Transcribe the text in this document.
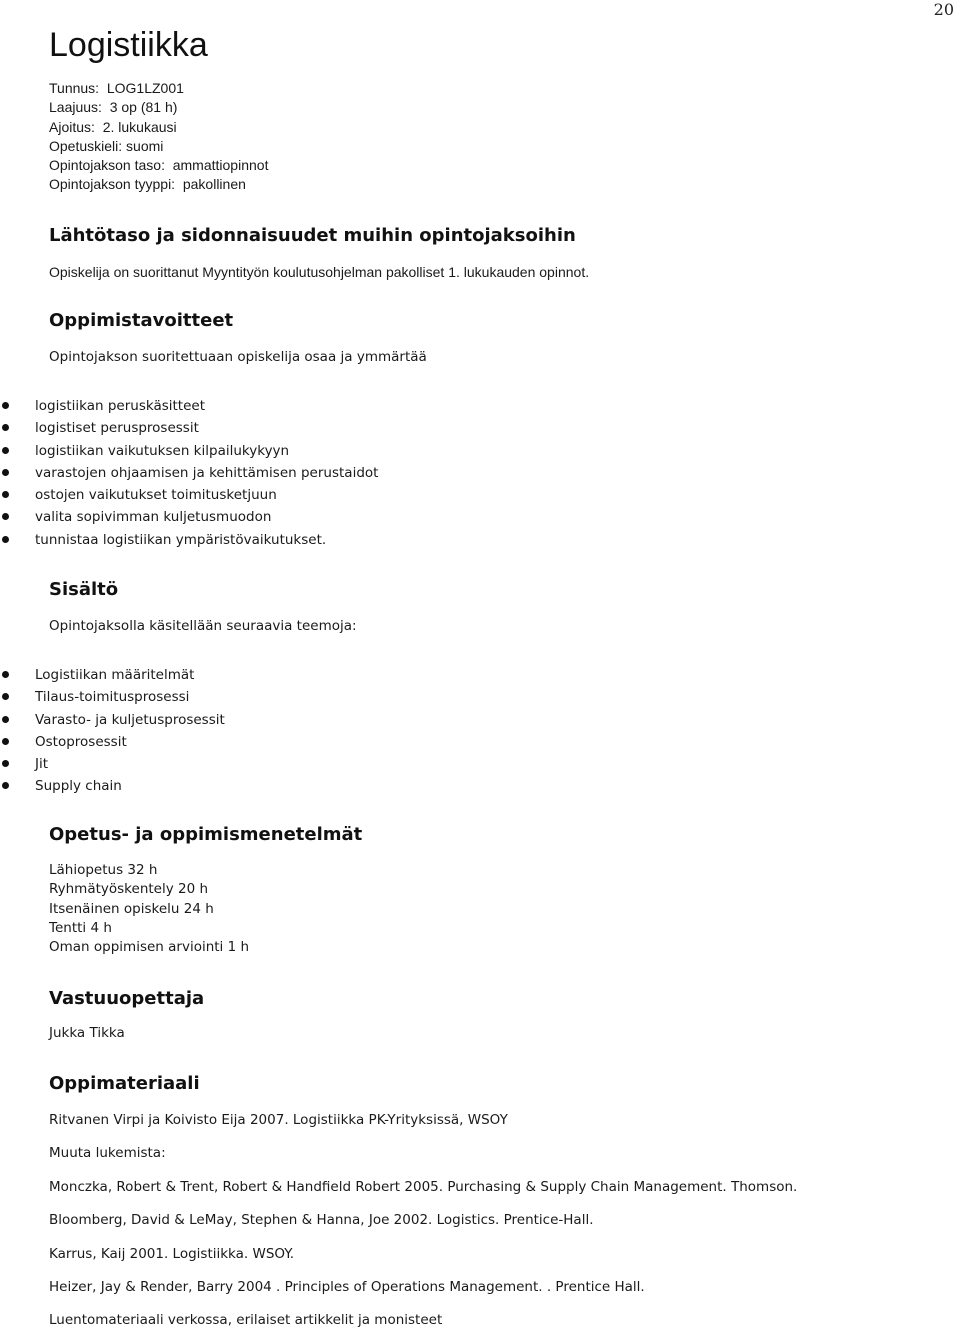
20
Logistiikka
Tunnus:  LOG1LZ001
Laajuus:  3 op (81 h)
Ajoitus:  2. lukukausi
Opetuskieli: suomi
Opintojakson taso:  ammattiopinnot
Opintojakson tyyppi:  pakollinen
Lähtötaso ja sidonnaisuudet muihin opintojaksoihin

Opiskelija on suorittanut Myyntityön koulutusohjelman pakolliset 1. lukukauden opinnot.

Oppimistavoitteet

Opintojakson suoritettuaan opiskelija osaa ja ymmärtää

logistiikan peruskäsitteet
logistiset perusprosessit
logistiikan vaikutuksen kilpailukykyyn
varastojen ohjaamisen ja kehittämisen perustaidot
ostojen vaikutukset toimitusketjuun
valita sopivimman kuljetusmuodon
tunnistaa logistiikan ympäristövaikutukset.
Sisältö

Opintojaksolla käsitellään seuraavia teemoja:

Logistiikan määritelmät
Tilaus-toimitusprosessi
Varasto- ja kuljetusprosessit
Ostoprosessit
Jit
Supply chain
Opetus- ja oppimismenetelmät
Lähiopetus 32 h
Ryhmätyöskentely 20 h
Itsenäinen opiskelu 24 h
Tentti 4 h
Oman oppimisen arviointi 1 h
Vastuuopettaja

Jukka Tikka

Oppimateriaali
Ritvanen Virpi ja Koivisto Eija 2007. Logistiikka PK-Yrityksissä, WSOY
Muuta lukemista:
Monczka, Robert & Trent, Robert & Handfield Robert 2005. Purchasing & Supply Chain Management. Thomson.
Bloomberg, David & LeMay, Stephen & Hanna, Joe 2002. Logistics. Prentice-Hall.
Karrus, Kaij 2001. Logistiikka. WSOY.
Heizer, Jay & Render, Barry 2004 . Principles of Operations Management. . Prentice Hall.
Luentomateriaali verkossa, erilaiset artikkelit ja monisteet
